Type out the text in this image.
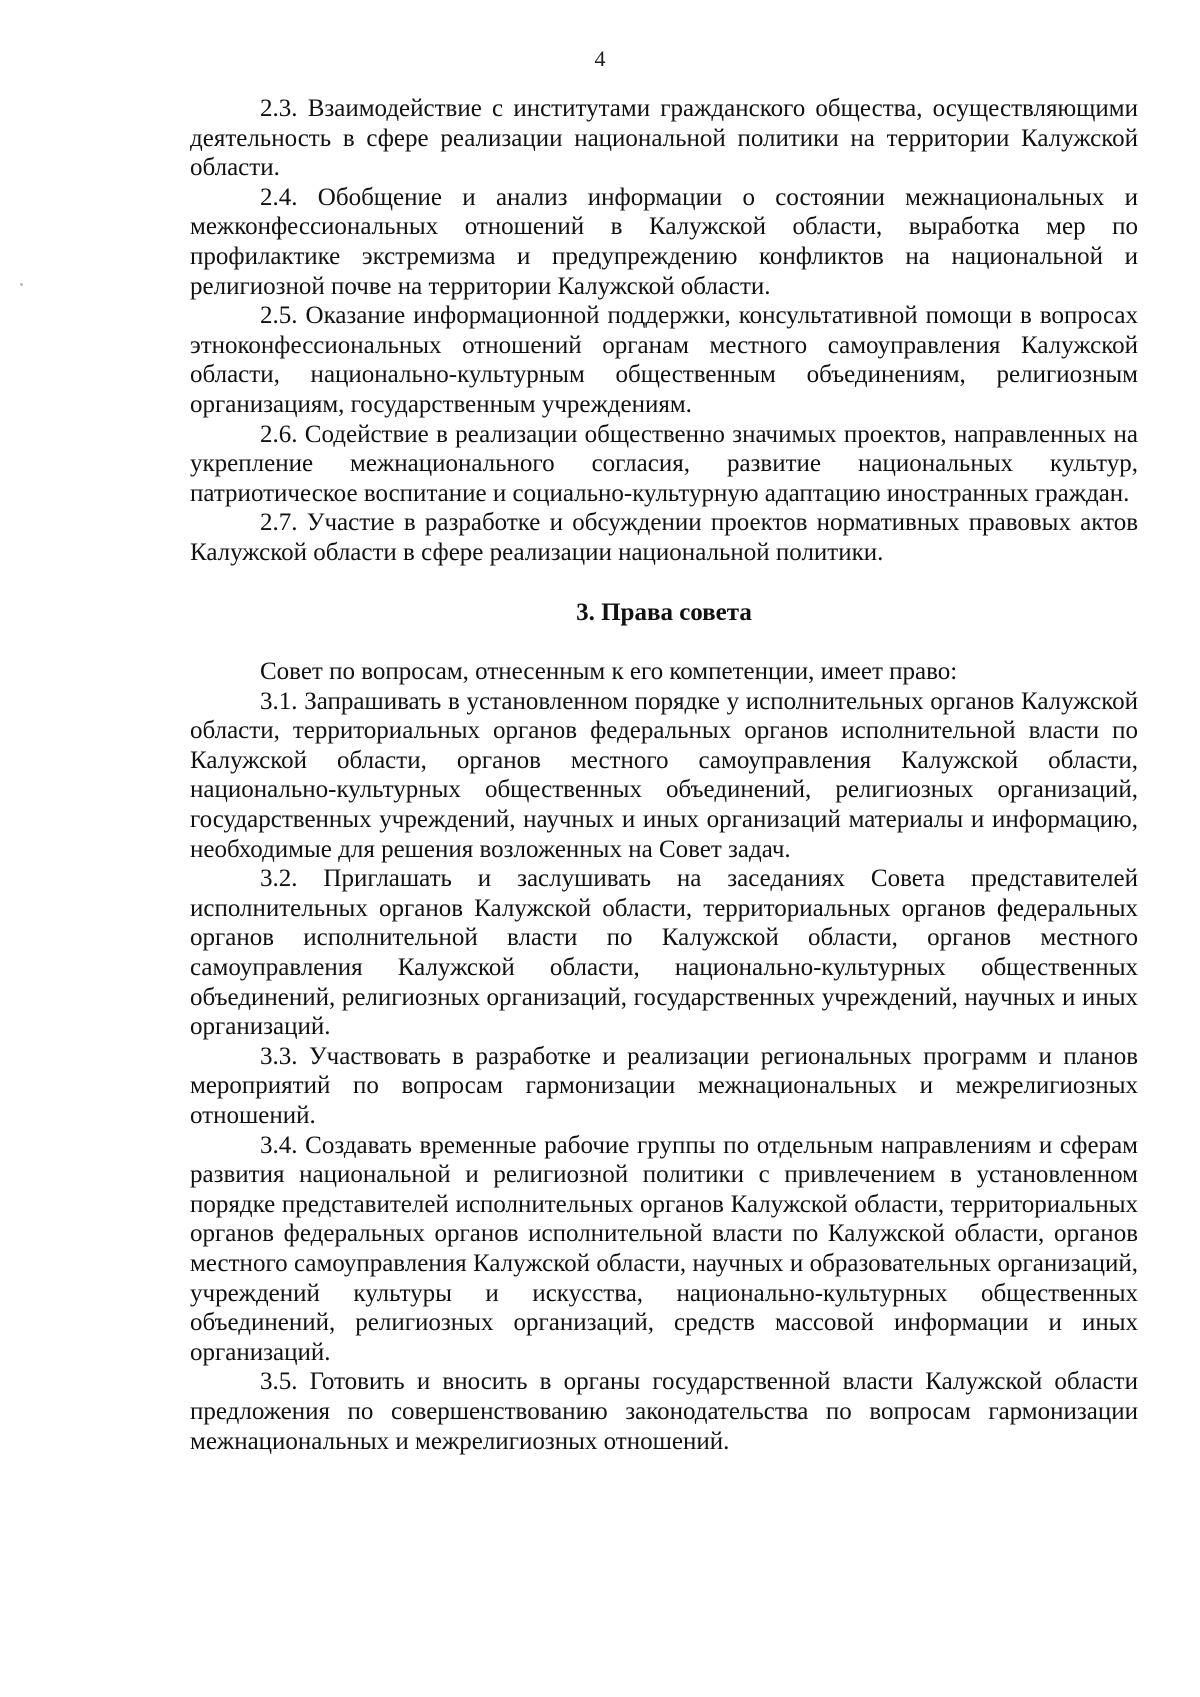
4

2.3. Взаимодействие с институтами гражданского общества, осуществляющими деятельность в сфере реализации национальной политики на территории Калужской области.

2.4. Обобщение и анализ информации о состоянии межнациональных и межконфессиональных отношений в Калужской области, выработка мер по профилактике экстремизма и предупреждению конфликтов на национальной и религиозной почве на территории Калужской области.

2.5. Оказание информационной поддержки, консультативной помощи в вопросах этноконфессиональных отношений органам местного самоуправления Калужской области, национально-культурным общественным объединениям, религиозным организациям, государственным учреждениям.

2.6. Содействие в реализации общественно значимых проектов, направленных на укрепление межнационального согласия, развитие национальных культур, патриотическое воспитание и социально-культурную адаптацию иностранных граждан.

2.7. Участие в разработке и обсуждении проектов нормативных правовых актов Калужской области в сфере реализации национальной политики.

3. Права совета

Совет по вопросам, отнесенным к его компетенции, имеет право:

3.1. Запрашивать в установленном порядке у исполнительных органов Калужской области, территориальных органов федеральных органов исполнительной власти по Калужской области, органов местного самоуправления Калужской области, национально-культурных общественных объединений, религиозных организаций, государственных учреждений, научных и иных организаций материалы и информацию, необходимые для решения возложенных на Совет задач.

3.2. Приглашать и заслушивать на заседаниях Совета представителей исполнительных органов Калужской области, территориальных органов федеральных органов исполнительной власти по Калужской области, органов местного самоуправления Калужской области, национально-культурных общественных объединений, религиозных организаций, государственных учреждений, научных и иных организаций.

3.3. Участвовать в разработке и реализации региональных программ и планов мероприятий по вопросам гармонизации межнациональных и межрелигиозных отношений.

3.4. Создавать временные рабочие группы по отдельным направлениям и сферам развития национальной и религиозной политики с привлечением в установленном порядке представителей исполнительных органов Калужской области, территориальных органов федеральных органов исполнительной власти по Калужской области, органов местного самоуправления Калужской области, научных и образовательных организаций, учреждений культуры и искусства, национально-культурных общественных объединений, религиозных организаций, средств массовой информации и иных организаций.

3.5. Готовить и вносить в органы государственной власти Калужской области предложения по совершенствованию законодательства по вопросам гармонизации межнациональных и межрелигиозных отношений.
